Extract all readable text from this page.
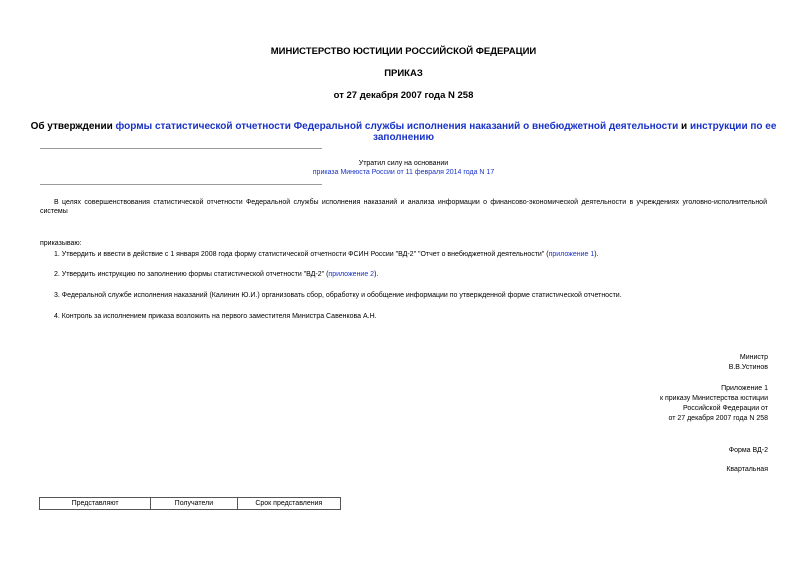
МИНИСТЕРСТВО ЮСТИЦИИ РОССИЙСКОЙ ФЕДЕРАЦИИ
ПРИКАЗ
от 27 декабря 2007 года N 258
Об утверждении формы статистической отчетности Федеральной службы исполнения наказаний о внебюджетной деятельности и инструкции по ее заполнению
Утратил силу на основании
приказа Минюста России от 11 февраля 2014 года N 17
В целях совершенствования статистической отчетности Федеральной службы исполнения наказаний и анализа информации о финансово-экономической деятельности в учреждениях уголовно-исполнительной системы
приказываю:
1. Утвердить и ввести в действие с 1 января 2008 года форму статистической отчетности ФСИН России "ВД-2" "Отчет о внебюджетной деятельности" (приложение 1).
2. Утвердить инструкцию по заполнению формы статистической отчетности "ВД-2" (приложение 2).
3. Федеральной службе исполнения наказаний (Калинин Ю.И.) организовать сбор, обработку и обобщение информации по утвержденной форме статистической отчетности.
4. Контроль за исполнением приказа возложить на первого заместителя Министра Савенкова А.Н.
Министр
В.В.Устинов
Приложение 1
к приказу Министерства юстиции
Российской Федерации от
от 27 декабря 2007 года N 258
Форма ВД-2
Квартальная
Представляют	Получатели	Срок представления
